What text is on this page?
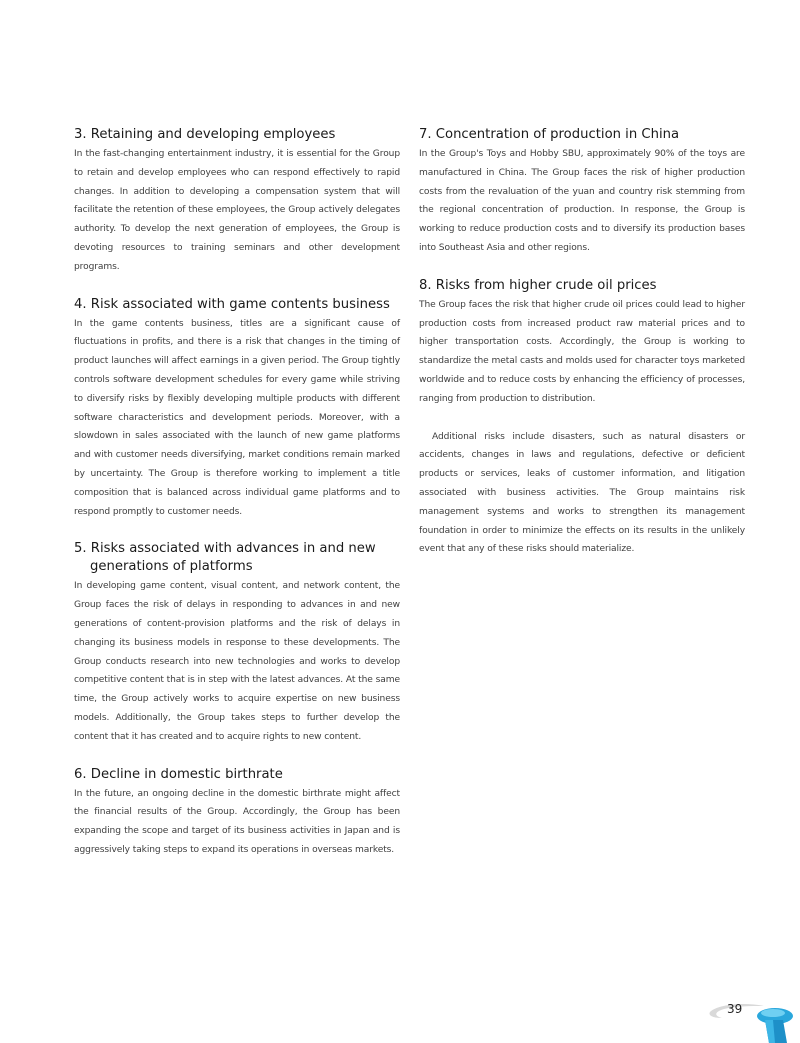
3. Retaining and developing employees

In the fast-changing entertainment industry, it is essential for the Group to retain and develop employees who can respond effectively to rapid changes. In addition to developing a compensation system that will facilitate the retention of these employees, the Group actively delegates authority. To develop the next generation of employees, the Group is devoting resources to training seminars and other development programs.

4. Risk associated with game contents business

In the game contents business, titles are a significant cause of fluctuations in profits, and there is a risk that changes in the timing of product launches will affect earnings in a given period. The Group tightly controls software development schedules for every game while striving to diversify risks by flexibly developing multiple products with different software characteristics and development periods. Moreover, with a slowdown in sales associated with the launch of new game platforms and with customer needs diversifying, market conditions remain marked by uncertainty. The Group is therefore working to implement a title composition that is balanced across individual game platforms and to respond promptly to customer needs.

5. Risks associated with advances in and new generations of platforms

In developing game content, visual content, and network content, the Group faces the risk of delays in responding to advances in and new generations of content-provision platforms and the risk of delays in changing its business models in response to these developments. The Group conducts research into new technologies and works to develop competitive content that is in step with the latest advances. At the same time, the Group actively works to acquire expertise on new business models. Additionally, the Group takes steps to further develop the content that it has created and to acquire rights to new content.

6. Decline in domestic birthrate

In the future, an ongoing decline in the domestic birthrate might affect the financial results of the Group. Accordingly, the Group has been expanding the scope and target of its business activities in Japan and is aggressively taking steps to expand its operations in overseas markets.

7. Concentration of production in China

In the Group's Toys and Hobby SBU, approximately 90% of the toys are manufactured in China. The Group faces the risk of higher production costs from the revaluation of the yuan and country risk stemming from the regional concentration of production. In response, the Group is working to reduce production costs and to diversify its production bases into Southeast Asia and other regions.

8. Risks from higher crude oil prices

The Group faces the risk that higher crude oil prices could lead to higher production costs from increased product raw material prices and to higher transportation costs. Accordingly, the Group is working to standardize the metal casts and molds used for character toys marketed worldwide and to reduce costs by enhancing the efficiency of processes, ranging from production to distribution.

Additional risks include disasters, such as natural disasters or accidents, changes in laws and regulations, defective or deficient products or services, leaks of customer information, and litigation associated with business activities. The Group maintains risk management systems and works to strengthen its management foundation in order to minimize the effects on its results in the unlikely event that any of these risks should materialize.

39
